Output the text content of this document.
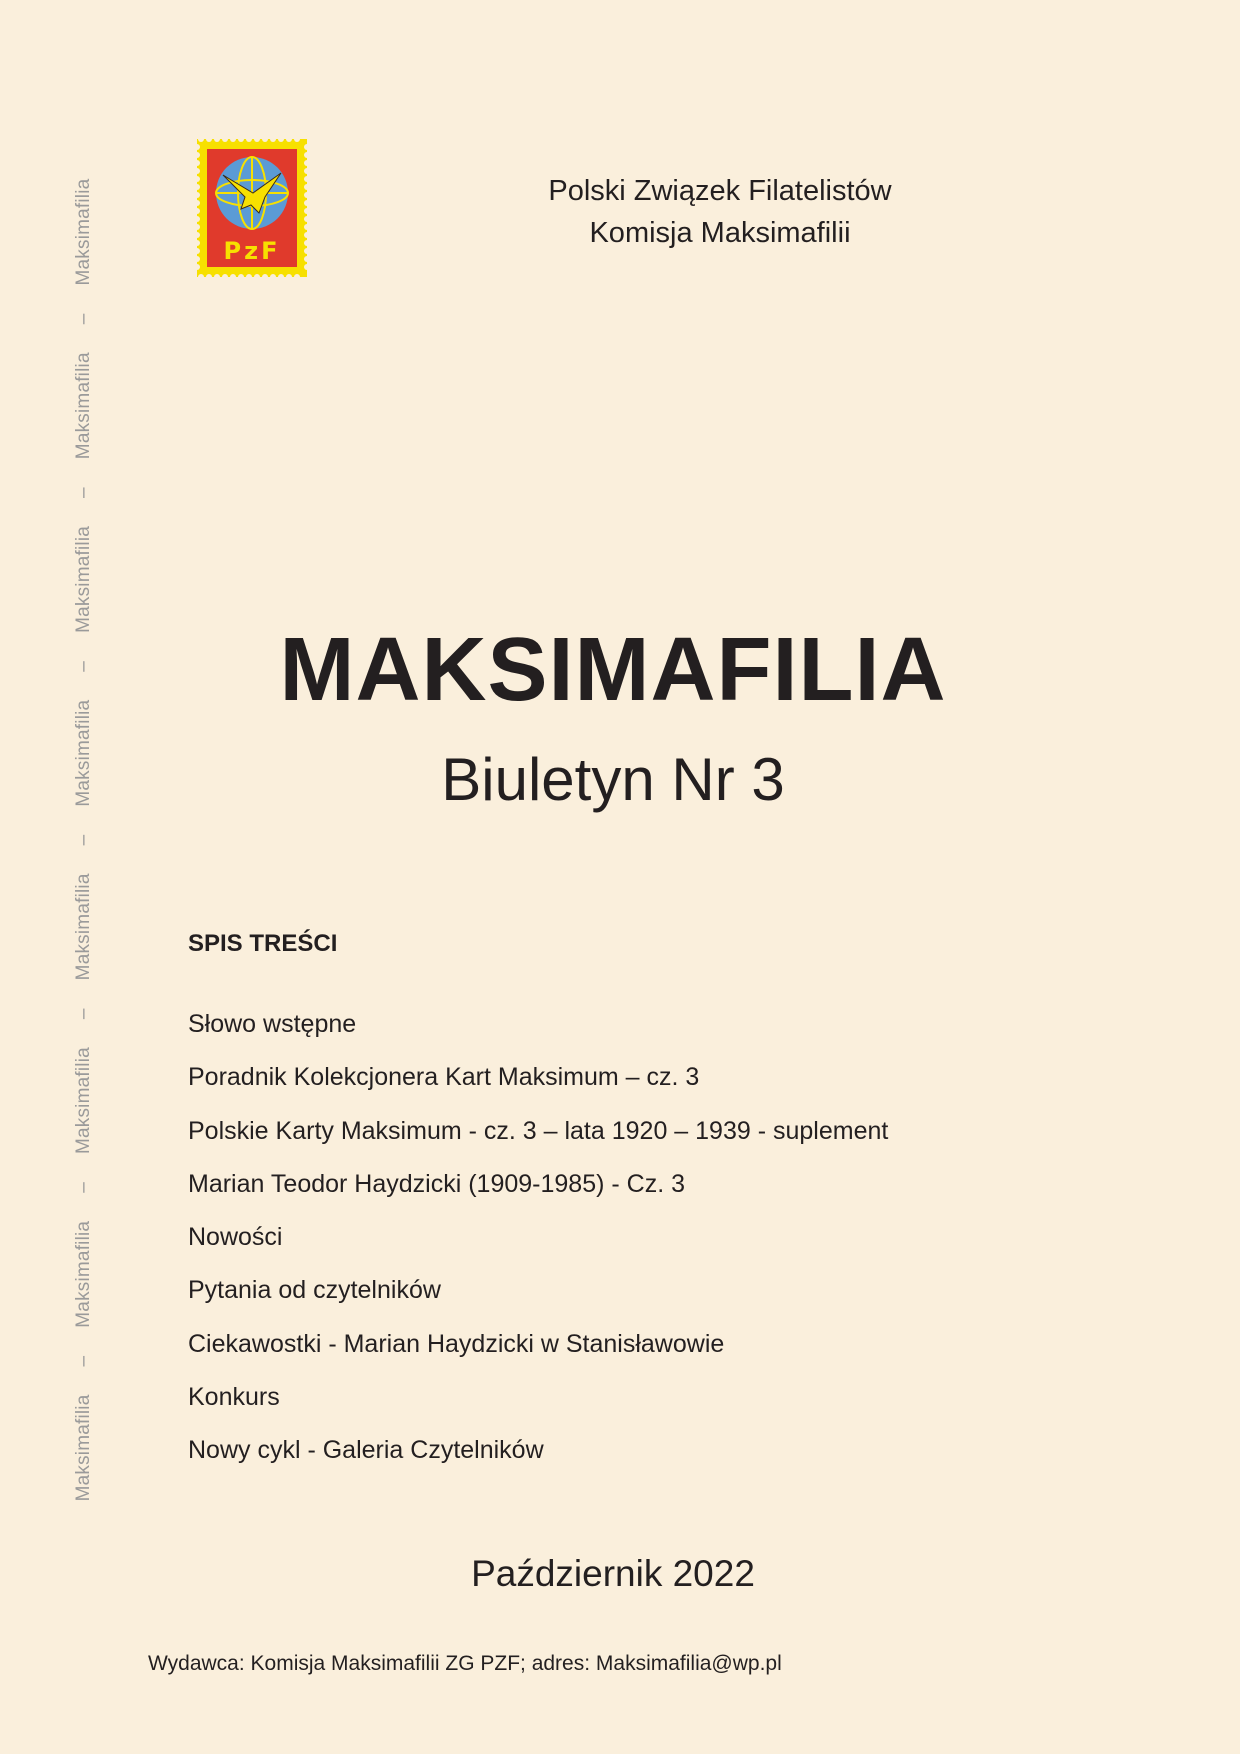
Maksimafilia–Maksimafilia–Maksimafilia–Maksimafilia–Maksimafilia–Maksimafilia–Maksimafilia–Maksimafilia	PzF
Polski Związek Filatelistów
Komisja Maksimafilii
MAKSIMAFILIA
Biuletyn Nr 3
SPIS TREŚCI
Słowo wstępne
Poradnik Kolekcjonera Kart Maksimum – cz. 3
Polskie Karty Maksimum - cz. 3 – lata 1920 – 1939 - suplement
Marian Teodor Haydzicki (1909-1985) - Cz. 3
Nowości
Pytania od czytelników
Ciekawostki - Marian Haydzicki w Stanisławowie
Konkurs
Nowy cykl - Galeria Czytelników
Październik 2022
Wydawca: Komisja Maksimafilii ZG PZF; adres: Maksimafilia@wp.pl
